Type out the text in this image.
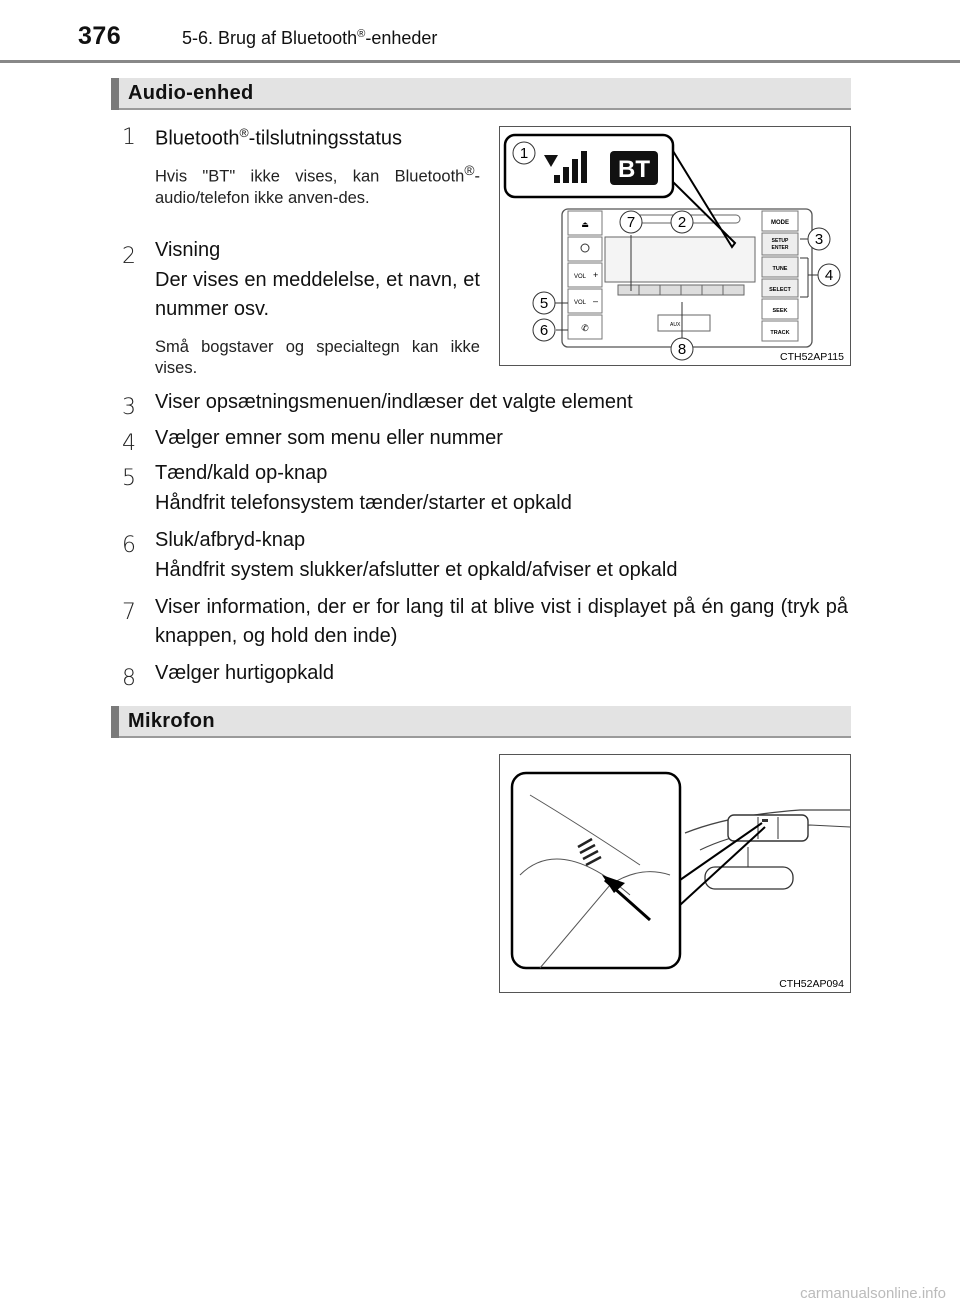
376	5-6. Brug af Bluetooth®-enheder
Audio-enhed
1 Bluetooth®-tilslutningsstatus
Hvis "BT" ikke vises, kan Bluetooth®-audio/telefon ikke anven-des.
2 Visning
Der vises en meddelelse, et navn, et nummer osv.
Små bogstaver og specialtegn kan ikke vises.
⏏
VOL +
VOL –
✆
MODE
SETUP
ENTER
TUNE
SELECT
SEEK
TRACK
AUX
BT
1
2
3
4
5
6
7
8	CTH52AP115
3 Viser opsætningsmenuen/indlæser det valgte element
4 Vælger emner som menu eller nummer
5 Tænd/kald op-knap
Håndfrit telefonsystem tænder/starter et opkald
6 Sluk/afbryd-knap
Håndfrit system slukker/afslutter et opkald/afviser et opkald
7 Viser information, der er for lang til at blive vist i displayet på én gang (tryk på knappen, og hold den inde)
8 Vælger hurtigopkald
Mikrofon
CTH52AP094
carmanualsonline.info
